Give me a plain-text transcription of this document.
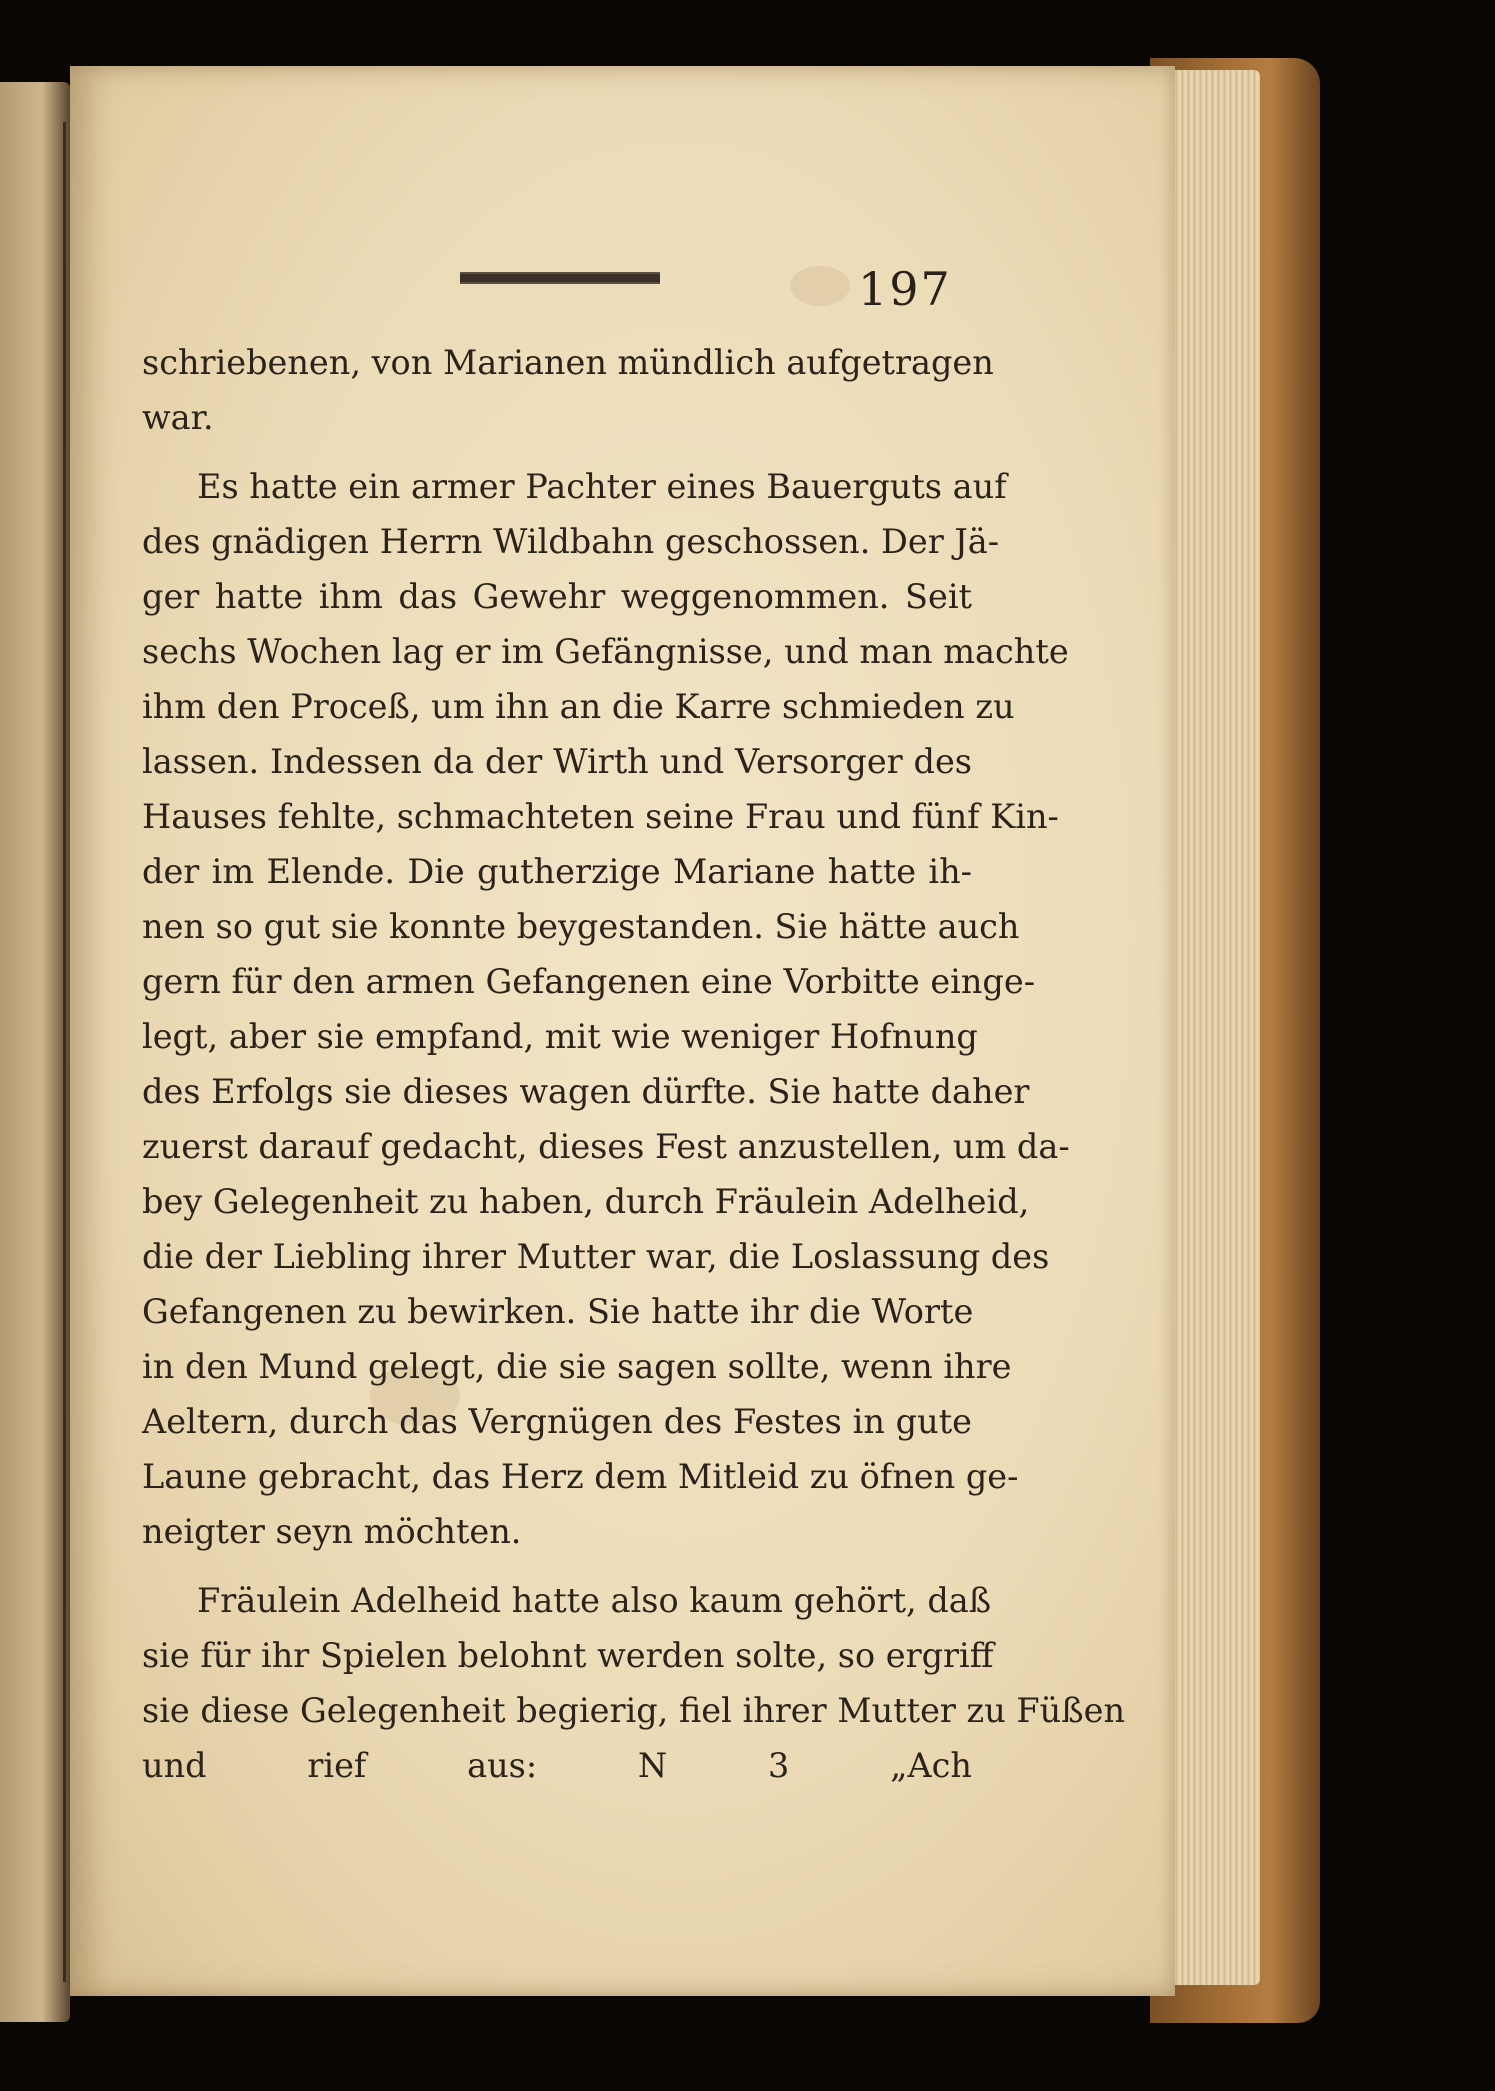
197
schriebenen, von Marianen mündlich aufgetragen
war.
Es hatte ein armer Pachter eines Bauerguts auf
des gnädigen Herrn Wildbahn geschossen. Der Jä-
ger hatte ihm das Gewehr weggenommen. Seit
sechs Wochen lag er im Gefängnisse, und man machte
ihm den Proceß, um ihn an die Karre schmieden zu
lassen. Indessen da der Wirth und Versorger des
Hauses fehlte, schmachteten seine Frau und fünf Kin-
der im Elende. Die gutherzige Mariane hatte ih-
nen so gut sie konnte beygestanden. Sie hätte auch
gern für den armen Gefangenen eine Vorbitte einge-
legt, aber sie empfand, mit wie weniger Hofnung
des Erfolgs sie dieses wagen dürfte. Sie hatte daher
zuerst darauf gedacht, dieses Fest anzustellen, um da-
bey Gelegenheit zu haben, durch Fräulein Adelheid,
die der Liebling ihrer Mutter war, die Loslassung des
Gefangenen zu bewirken. Sie hatte ihr die Worte
in den Mund gelegt, die sie sagen sollte, wenn ihre
Aeltern, durch das Vergnügen des Festes in gute
Laune gebracht, das Herz dem Mitleid zu öfnen ge-
neigter seyn möchten.
Fräulein Adelheid hatte also kaum gehört, daß
sie für ihr Spielen belohnt werden solte, so ergriff
sie diese Gelegenheit begierig, fiel ihrer Mutter zu Füßen
und rief aus:	N 3	„Ach
